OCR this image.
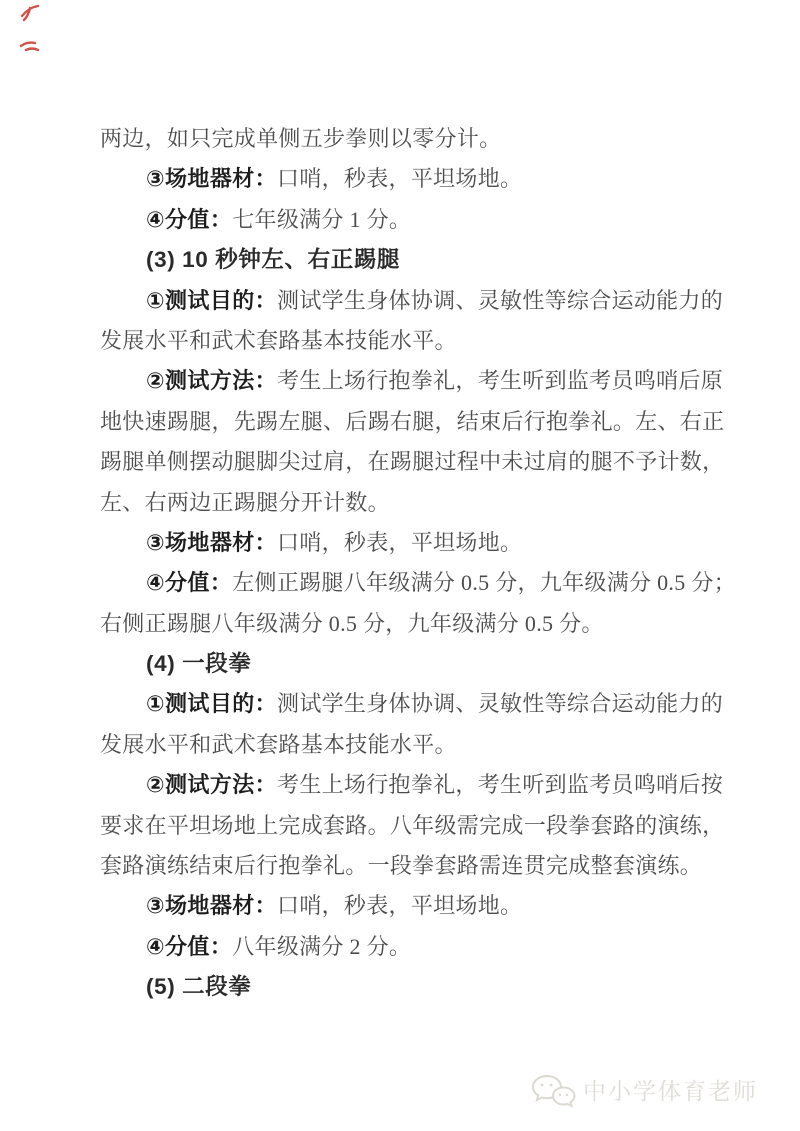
两边，如只完成单侧五步拳则以零分计。
③场地器材：口哨，秒表，平坦场地。
④分值：七年级满分 1 分。
(3) 10 秒钟左、右正踢腿
①测试目的：测试学生身体协调、灵敏性等综合运动能力的
发展水平和武术套路基本技能水平。
②测试方法：考生上场行抱拳礼，考生听到监考员鸣哨后原
地快速踢腿，先踢左腿、后踢右腿，结束后行抱拳礼。左、右正
踢腿单侧摆动腿脚尖过肩，在踢腿过程中未过肩的腿不予计数，
左、右两边正踢腿分开计数。
③场地器材：口哨，秒表，平坦场地。
④分值：左侧正踢腿八年级满分 0.5 分，九年级满分 0.5 分；
右侧正踢腿八年级满分 0.5 分，九年级满分 0.5 分。
(4) 一段拳
①测试目的：测试学生身体协调、灵敏性等综合运动能力的
发展水平和武术套路基本技能水平。
②测试方法：考生上场行抱拳礼，考生听到监考员鸣哨后按
要求在平坦场地上完成套路。八年级需完成一段拳套路的演练，
套路演练结束后行抱拳礼。一段拳套路需连贯完成整套演练。
③场地器材：口哨，秒表，平坦场地。
④分值：八年级满分 2 分。
(5) 二段拳
中小学体育老师
